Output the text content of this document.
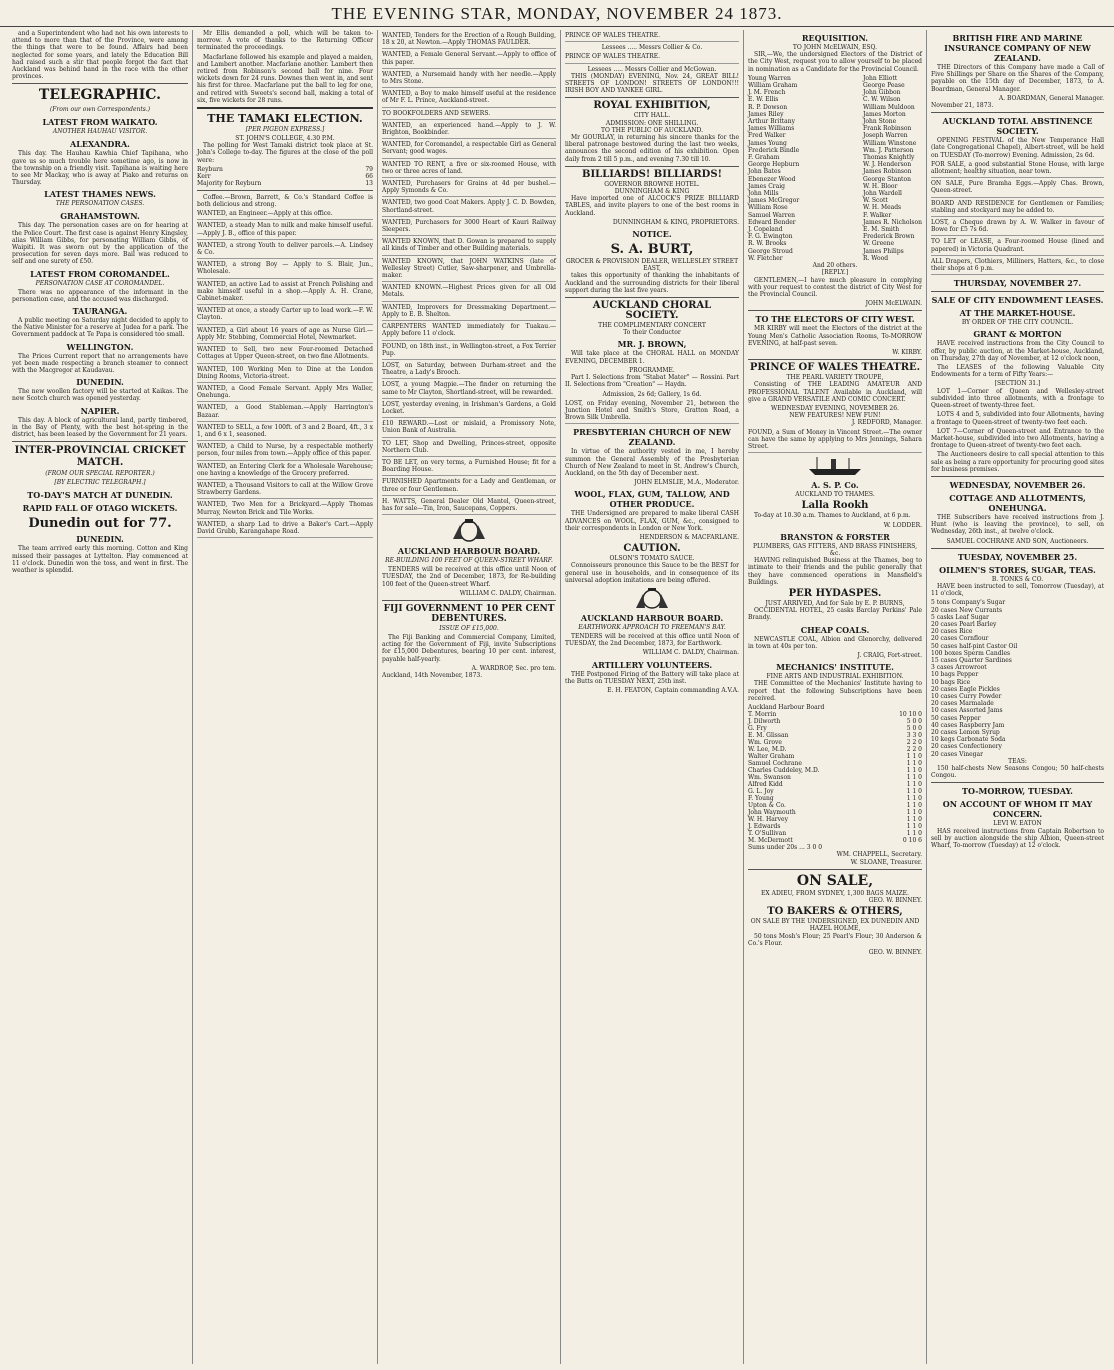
THE EVENING STAR, MONDAY, NOVEMBER 24 1873.

and a Superintendent who had not his own interests to attend to more than that of the Province, were among the things that were to be found. Affairs had been neglected for some years, and lately the Education Bill had raised such a stir that people forgot the fact that Auckland was behind hand in the race with the other provinces.

TELEGRAPHIC.
(From our own Correspondents.)
LATEST FROM WAIKATO.
ANOTHER HAUHAU VISITOR.
ALEXANDRA.

This day. The Hauhau Kawhia Chief Tapihana, who gave us so much trouble here sometime ago, is now in the township on a friendly visit. Tapihana is waiting here to see Mr Mackay, who is away at Piako and returns on Thursday.

LATEST THAMES NEWS.
THE PERSONATION CASES.
GRAHAMSTOWN.

This day. The personation cases are on for hearing at the Police Court. The first case is against Henry Kingsley, alias William Gibbs, for personating William Gibbs, of Waipiti. It was sworn out by the application of the prosecution for seven days more. Bail was reduced to self and one surety of £50.

LATEST FROM COROMANDEL.
PERSONATION CASE AT COROMANDEL.

There was no appearance of the informant in the personation case, and the accused was discharged.

TAURANGA.

A public meeting on Saturday night decided to apply to the Native Minister for a reserve at Judea for a park. The Government paddock at Te Papa is considered too small.

WELLINGTON.

The Prices Current report that no arrangements have yet been made respecting a branch steamer to connect with the Macgregor at Kaudavau.

DUNEDIN.

The new woollen factory will be started at Kaikas. The new Scotch church was opened yesterday.

NAPIER.

This day. A block of agricultural land, partly timbered, in the Bay of Plenty, with the best hot-spring in the district, has been leased by the Government for 21 years.

INTER-PROVINCIAL CRICKET MATCH.
(FROM OUR SPECIAL REPORTER.)
[BY ELECTRIC TELEGRAPH.]
TO-DAY'S MATCH AT DUNEDIN.
RAPID FALL OF OTAGO WICKETS.
Dunedin out for 77.
DUNEDIN.

The team arrived early this morning. Cotton and King missed their passages at Lyttelton. Play commenced at 11 o'clock. Dunedin won the toss, and went in first. The weather is splendid.

Mr Ellis demanded a poll, which will be taken to-morrow. A vote of thanks to the Returning Officer terminated the proceedings.

Macfarlane followed his example and played a maiden, and Lambert another. Macfarlane another. Lambert then retired from Robinson's second ball for nine. Four wickets down for 24 runs. Downes then went in, and sent his first for three. Macfarlane put the ball to leg for one, and retired with Sweets's second ball, making a total of six, five wickets for 28 runs.

THE TAMAKI ELECTION.
[PER PIGEON EXPRESS.]
ST. JOHN'S COLLEGE, 4.30 P.M.

The polling for West Tamaki district took place at St. John's College to-day. The figures at the close of the poll were:

Reyburn	79
Kerr	66
Majority for Reyburn	13

Coffee.—Brown, Barrett, & Co.'s Standard Coffee is both delicious and strong.

WANTED, an Engineer.—Apply at this office.
WANTED, a steady Man to milk and make himself useful.—Apply J. B., office of this paper.
WANTED, a strong Youth to deliver parcels.—A. Lindsey & Co.
WANTED, a strong Boy — Apply to S. Blair, Jun., Wholesale.
WANTED, an active Lad to assist at French Polishing and make himself useful in a shop.—Apply A. H. Crane, Cabinet-maker.
WANTED at once, a steady Carter up to lead work.—F. W. Clayton.
WANTED, a Girl about 16 years of age as Nurse Girl.—Apply Mr. Stebbing, Commercial Hotel, Newmarket.
WANTED to Sell, two new Four-roomed Detached Cottages at Upper Queen-street, on two fine Allotments.
WANTED, 100 Working Men to Dine at the London Dining Rooms, Victoria-street.
WANTED, a Good Female Servant. Apply Mrs Waller, Onehunga.
WANTED, a Good Stableman.—Apply Harrington's Bazaar.
WANTED to SELL, a few 100ft. of 3 and 2 Board, 4ft., 3 x 1, and 6 x 1, seasoned.
WANTED, a Child to Nurse, by a respectable motherly person, four miles from town.—Apply office of this paper.
WANTED, an Entering Clerk for a Wholesale Warehouse; one having a knowledge of the Grocery preferred.
WANTED, a Thousand Visitors to call at the Willow Grove Strawberry Gardens.
WANTED, Two Men for a Brickyard.—Apply Thomas Murray, Newton Brick and Tile Works.
WANTED, a sharp Lad to drive a Baker's Cart.—Apply David Grubb, Karangahape Road.
WANTED, Tenders for the Erection of a Rough Building, 18 x 20, at Newton.—Apply THOMAS FAULDER.
WANTED, a Female General Servant.—Apply to office of this paper.
WANTED, a Nursemaid handy with her needle.—Apply to Mrs Stone.
WANTED, a Boy to make himself useful at the residence of Mr F. L. Prince, Auckland-street.
TO BOOKFOLDERS AND SEWERS.
WANTED, an experienced hand.—Apply to J. W. Brighton, Bookbinder.
WANTED, for Coromandel, a respectable Girl as General Servant; good wages.
WANTED TO RENT, a five or six-roomed House, with two or three acres of land.
WANTED, Purchasers for Grains at 4d per bushel.—Apply Symonds & Co.
WANTED, two good Coat Makers. Apply J. C. D. Bowden, Shortland-street.
WANTED, Purchasers for 3000 Heart of Kauri Railway Sleepers.
WANTED KNOWN, that D. Gowan is prepared to supply all kinds of Timber and other Building materials.
WANTED KNOWN, that JOHN WATKINS (late of Wellesley Street) Cutler, Saw-sharpener, and Umbrella-maker.
WANTED KNOWN.—Highest Prices given for all Old Metals.
WANTED, Improvers for Dressmaking Department.—Apply to E. B. Shelton.
CARPENTERS WANTED immediately for Tuakau.—Apply before 11 o'clock.
FOUND, on 18th inst., in Wellington-street, a Fox Terrier Pup.
LOST, on Saturday, between Durham-street and the Theatre, a Lady's Brooch.
LOST, a young Magpie.—The finder on returning the same to Mr Clayton, Shortland-street, will be rewarded.
LOST, yesterday evening, in Irishman's Gardens, a Gold Locket.
£10 REWARD.—Lost or mislaid, a Promissory Note, Union Bank of Australia.
TO LET, Shop and Dwelling, Princes-street, opposite Northern Club.
TO BE LET, on very terms, a Furnished House; fit for a Boarding House.
FURNISHED Apartments for a Lady and Gentleman, or three or four Gentlemen.
H. WATTS, General Dealer Old Mantel, Queen-street, has for sale—Tin, Iron, Saucepans, Coppers.
AUCKLAND HARBOUR BOARD.
RE-BUILDING 100 FEET OF QUEEN-STREET WHARF.

TENDERS will be received at this office until Noon of TUESDAY, the 2nd of December, 1873, for Re-building 100 feet of the Queen-street Wharf.

WILLIAM C. DALDY, Chairman.
FIJI GOVERNMENT 10 PER CENT DEBENTURES.
ISSUE OF £15,000.

The Fiji Banking and Commercial Company, Limited, acting for the Government of Fiji, invite Subscriptions for £15,000 Debentures, bearing 10 per cent. interest, payable half-yearly.

A. WARDROP, Sec. pro tem.
Auckland, 14th November, 1873.
PRINCE OF WALES THEATRE.
Lessees ..... Messrs Collier & Co.
PRINCE OF WALES THEATRE.
Lessees ..... Messrs Collier and McGowan.

THIS (MONDAY) EVENING, Nov. 24, GREAT BILL! STREETS OF LONDON! STREETS OF LONDON!!! IRISH BOY AND YANKEE GIRL.

ROYAL EXHIBITION,
CITY HALL.
ADMISSION: ONE SHILLING.
TO THE PUBLIC OF AUCKLAND.

Mr GOURLAY, in returning his sincere thanks for the liberal patronage bestowed during the last two weeks, announces the second edition of his exhibition. Open daily from 2 till 5 p.m., and evening 7.30 till 10.

BILLIARDS! BILLIARDS!
GOVERNOR BROWNE HOTEL.
DUNNINGHAM & KING

Have imported one of ALCOCK'S PRIZE BILLIARD TABLES, and invite players to one of the best rooms in Auckland.

DUNNINGHAM & KING, PROPRIETORS.
NOTICE.
S. A. BURT,
GROCER & PROVISION DEALER, WELLESLEY STREET EAST,

takes this opportunity of thanking the inhabitants of Auckland and the surrounding districts for their liberal support during the last five years.

AUCKLAND CHORAL SOCIETY.
THE COMPLIMENTARY CONCERT
To their Conductor
MR. J. BROWN,

Will take place at the CHORAL HALL on MONDAY EVENING, DECEMBER 1.

PROGRAMME.

Part I. Selections from "Stabat Mater" — Rossini. Part II. Selections from "Creation" — Haydn.

Admission, 2s 6d; Gallery, 1s 6d.
LOST, on Friday evening, November 21, between the Junction Hotel and Smith's Store, Gratton Road, a Brown Silk Umbrella.
PRESBYTERIAN CHURCH OF NEW ZEALAND.

In virtue of the authority vested in me, I hereby summon the General Assembly of the Presbyterian Church of New Zealand to meet in St. Andrew's Church, Auckland, on the 5th day of December next.

JOHN ELMSLIE, M.A., Moderator.
WOOL, FLAX, GUM, TALLOW, AND OTHER PRODUCE.

THE Undersigned are prepared to make liberal CASH ADVANCES on WOOL, FLAX, GUM, &c., consigned to their correspondents in London or New York.

HENDERSON & MACFARLANE.
CAUTION.
OLSON'S TOMATO SAUCE.

Connoisseurs pronounce this Sauce to be the BEST for general use in households, and in consequence of its universal adoption imitations are being offered.

AUCKLAND HARBOUR BOARD.
EARTHWORK APPROACH TO FREEMAN'S BAY.

TENDERS will be received at this office until Noon of TUESDAY, the 2nd December, 1873, for Earthwork.

WILLIAM C. DALDY, Chairman.
ARTILLERY VOLUNTEERS.

THE Postponed Firing of the Battery will take place at the Butts on TUESDAY NEXT, 25th inst.

E. H. FEATON, Captain commanding A.V.A.
REQUISITION.
TO JOHN McELWAIN, ESQ.

SIR,—We, the undersigned Electors of the District of the City West, request you to allow yourself to be placed in nomination as a Candidate for the Provincial Council.

Young Warren
William Graham
J. M. French
E. W. Ellis
R. P. Dowson
James Riley
Arthur Brittany
James Williams
Fred Walker
James Young
Frederick Bindle
F. Graham
George Hepburn
John Bates
Ebenezer Wood
James Craig
John Mills
James McGregor
William Rose
Samuel Warren
Edward Bender
J. Copeland
F. G. Ewington
R. W. Brooks
George Stroud
W. Fletcher
John Elliott
George Pease
John Gibbon
C. W. Wilson
William Muldoon
James Morton
John Stone
Frank Robinson
Joseph Warren
William Winstone
Wm. J. Patterson
Thomas Knightly
W. J. Henderson
James Robinson
George Stanton
W. H. Bloor
John Wardell
W. Scott
W. H. Meads
F. Walker
James R. Nicholson
E. M. Smith
Frederick Brown
W. Greene
James Philips
R. Wood
And 20 others.
[REPLY.]

GENTLEMEN,—I have much pleasure in complying with your request to contest the district of City West for the Provincial Council.

JOHN McELWAIN.
TO THE ELECTORS OF CITY WEST.

MR KIRBY will meet the Electors of the district at the Young Men's Catholic Association Rooms, To-MORROW EVENING, at half-past seven.

W. KIRBY.
PRINCE OF WALES THEATRE.
THE PEARL VARIETY TROUPE,

Consisting of THE LEADING AMATEUR AND PROFESSIONAL TALENT Available in Auckland, will give a GRAND VERSATILE AND COMIC CONCERT.

WEDNESDAY EVENING, NOVEMBER 26.
NEW FEATURES! NEW FUN!
J. REDFORD, Manager.
FOUND, a Sum of Money in Vincent Street.—The owner can have the same by applying to Mrs Jennings, Sahara Street.
A. S. P. Co.
AUCKLAND TO THAMES.
Lalla Rookh

To-day at 10.30 a.m. Thames to Auckland, at 6 p.m.

W. LODDER.
BRANSTON & FORSTER
PLUMBERS, GAS FITTERS, AND BRASS FINISHERS, &c.

HAVING relinquished Business at the Thames, beg to intimate to their friends and the public generally that they have commenced operations in Mansfield's Buildings.

PER HYDASPES.
JUST ARRIVED, And for Sale by E. P. BURNS,

OCCIDENTAL HOTEL, 25 casks Barclay Perkins' Pale Brandy.

CHEAP COALS.

NEWCASTLE COAL, Albion and Glenorchy, delivered in town at 40s per ton.

J. CRAIG, Fort-street.
MECHANICS' INSTITUTE.
FINE ARTS AND INDUSTRIAL EXHIBITION.

THE Committee of the Mechanics' Institute having to report that the following Subscriptions have been received.

Auckland Harbour Board
T. Morrin	10 10 0
J. Dilworth	5 0 0
G. Fry	5 0 0
E. M. Glissan	3 3 0
Wm. Grove	2 2 0
W. Lee, M.D.	2 2 0
Walter Graham	1 1 0
Samuel Cochrane	1 1 0
Charles Cuddeley, M.D.	1 1 0
Wm. Swanson	1 1 0
Alfred Kidd	1 1 0
G. L. Joy	1 1 0
F. Young	1 1 0
Upton & Co.	1 1 0
John Waymouth	1 1 0
W. H. Harvey	1 1 0
J. Edwards	1 1 0
T. O'Sullivan	1 1 0
M. McDermott	0 10 6
Sums under 20s ... 3 0 0
WM. CHAPPELL, Secretary.
W. SLOANE, Treasurer.
ON SALE,
EX ADIEU, FROM SYDNEY, 1,300 BAGS MAIZE.
GEO. W. BINNEY.
TO BAKERS & OTHERS,
ON SALE BY THE UNDERSIGNED, EX DUNEDIN AND HAZEL HOLME,

50 tons Mosh's Flour; 25 Pearl's Flour; 30 Anderson & Co.'s Flour.

GEO. W. BINNEY.
BRITISH FIRE AND MARINE INSURANCE COMPANY OF NEW ZEALAND.

THE Directors of this Company have made a Call of Five Shillings per Share on the Shares of the Company, payable on the 15th day of December, 1873, to A. Boardman, General Manager.

A. BOARDMAN, General Manager.
November 21, 1873.
AUCKLAND TOTAL ABSTINENCE SOCIETY.

OPENING FESTIVAL of the New Temperance Hall (late Congregational Chapel), Albert-street, will be held on TUESDAY (To-morrow) Evening. Admission, 2s 6d.

FOR SALE, a good substantial Stone House, with large allotment; healthy situation, near town.
ON SALE, Pure Bramha Eggs.—Apply Chas. Brown, Queen-street.
BOARD AND RESIDENCE for Gentlemen or Families; stabling and stockyard may be added to.
LOST, a Cheque drawn by A. W. Walker in favour of Bowe for £5 7s 6d.
TO LET or LEASE, a Four-roomed House (lined and papered) in Victoria Quadrant.
ALL Drapers, Clothiers, Milliners, Hatters, &c., to close their shops at 6 p.m.
THURSDAY, NOVEMBER 27.
SALE OF CITY ENDOWMENT LEASES.
AT THE MARKET-HOUSE.
BY ORDER OF THE CITY COUNCIL.
GRANT & MORTON

HAVE received instructions from the City Council to offer, by public auction, at the Market-house, Auckland, on Thursday, 27th day of November, at 12 o'clock noon,

The LEASES of the following Valuable City Endowments for a term of Fifty Years:—

[SECTION 31.]

LOT 1—Corner of Queen and Wellesley-street subdivided into three allotments, with a frontage to Queen-street of twenty-three feet.

LOTS 4 and 5, subdivided into four Allotments, having a frontage to Queen-street of twenty-two feet each.

LOT 7—Corner of Queen-street and Entrance to the Market-house, subdivided into two Allotments, having a frontage to Queen-street of twenty-two feet each.

The Auctioneers desire to call special attention to this sale as being a rare opportunity for procuring good sites for business premises.

WEDNESDAY, NOVEMBER 26.
COTTAGE AND ALLOTMENTS, ONEHUNGA.

THE Subscribers have received instructions from J. Hunt (who is leaving the province), to sell, on Wednesday, 26th inst., at twelve o'clock.

SAMUEL COCHRANE AND SON, Auctioneers.
TUESDAY, NOVEMBER 25.
OILMEN'S STORES, SUGAR, TEAS.
B. TONKS & CO.

HAVE been instructed to sell, Tomorrow (Tuesday), at 11 o'clock,

5 tons Company's Sugar
20 cases New Currants
5 casks Leaf Sugar
20 cases Pearl Barley
20 cases Rice
20 cases Cornflour
50 cases half-pint Castor Oil
100 boxes Sperm Candles
15 cases Quarter Sardines
3 cases Arrowroot
10 bags Pepper
10 bags Rice
20 cases Eagle Pickles
10 cases Curry Powder
20 cases Marmalade
10 cases Assorted Jams
50 cases Pepper
40 cases Raspberry Jam
20 cases Lemon Syrup
10 kegs Carbonate Soda
20 cases Confectionery
20 cases Vinegar
TEAS:

150 half-chests New Seasons Congou; 50 half-chests Congou.

TO-MORROW, TUESDAY.
ON ACCOUNT OF WHOM IT MAY CONCERN.
LEVI W. EATON

HAS received instructions from Captain Robertson to sell by auction alongside the ship Albion, Queen-street Wharf, To-morrow (Tuesday) at 12 o'clock.
